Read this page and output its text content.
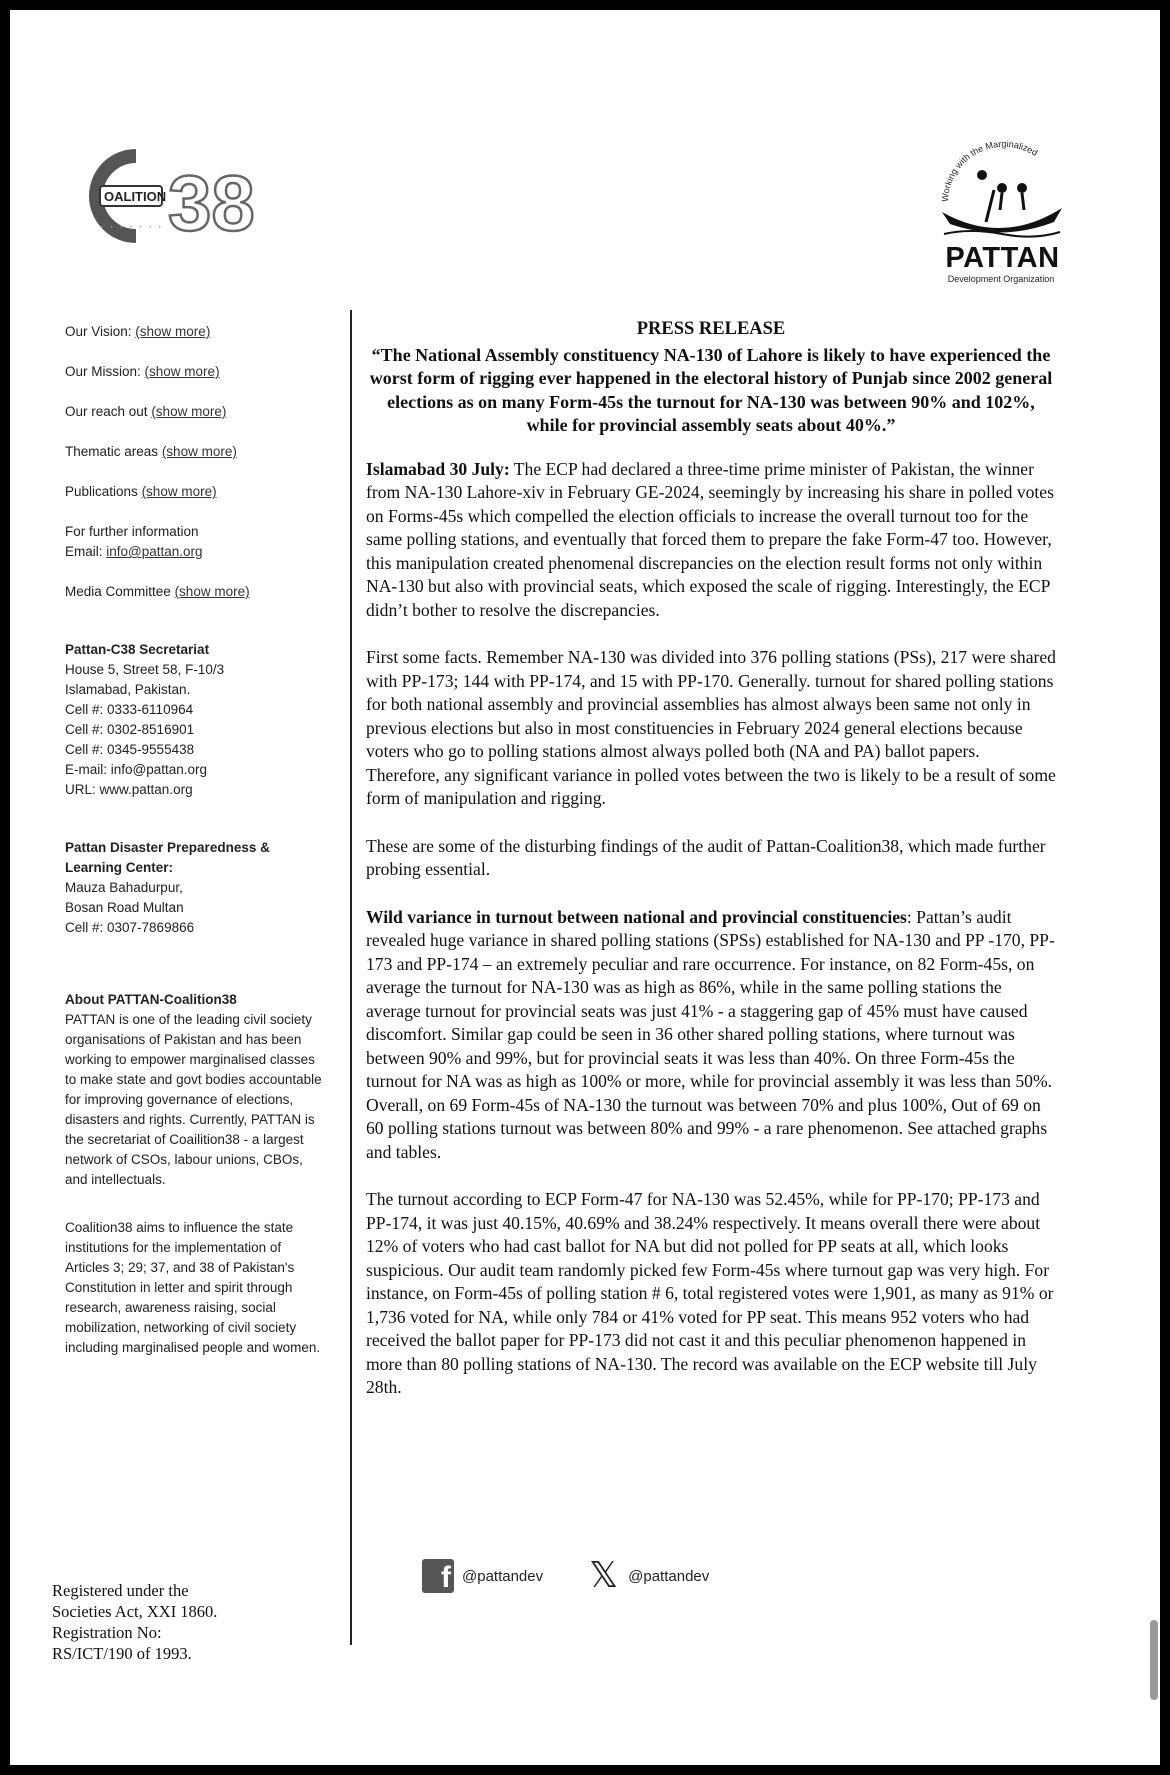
OALITION 38
· · · · · · ·
Working with the Marginalized
PATTAN
Development Organization
Our Vision: (show more)
Our Mission: (show more)
Our reach out (show more)
Thematic areas (show more)
Publications (show more)
For further information
Email: info@pattan.org
Media Committee (show more)
Pattan-C38 Secretariat
House 5, Street 58, F-10/3
Islamabad, Pakistan.
Cell #: 0333-6110964
Cell #: 0302-8516901
Cell #: 0345-9555438
E-mail: info@pattan.org
URL: www.pattan.org
Pattan Disaster Preparedness & Learning Center:
Mauza Bahadurpur,
Bosan Road Multan
Cell #: 0307-7869866
About PATTAN-Coalition38
PATTAN is one of the leading civil society organisations of Pakistan and has been working to empower marginalised classes to make state and govt bodies accountable for improving governance of elections, disasters and rights. Currently, PATTAN is the secretariat of Coailition38 - a largest network of CSOs, labour unions, CBOs, and intellectuals.
Coalition38 aims to influence the state institutions for the implementation of Articles 3; 29; 37, and 38 of Pakistan's Constitution in letter and spirit through research, awareness raising, social mobilization, networking of civil society including marginalised people and women.
Registered under the
Societies Act, XXI 1860.
Registration No:
RS/ICT/190 of 1993.
PRESS RELEASE
“The National Assembly constituency NA-130 of Lahore is likely to have experienced the worst form of rigging ever happened in the electoral history of Punjab since 2002 general elections as on many Form-45s the turnout for NA-130 was between 90% and 102%, while for provincial assembly seats about 40%.”

Islamabad 30 July: The ECP had declared a three-time prime minister of Pakistan, the winner from NA-130 Lahore-xiv in February GE-2024, seemingly by increasing his share in polled votes on Forms-45s which compelled the election officials to increase the overall turnout too for the same polling stations, and eventually that forced them to prepare the fake Form-47 too. However, this manipulation created phenomenal discrepancies on the election result forms not only within NA-130 but also with provincial seats, which exposed the scale of rigging. Interestingly, the ECP didn’t bother to resolve the discrepancies.

First some facts. Remember NA-130 was divided into 376 polling stations (PSs), 217 were shared with PP-173; 144 with PP-174, and 15 with PP-170. Generally. turnout for shared polling stations for both national assembly and provincial assemblies has almost always been same not only in previous elections but also in most constituencies in February 2024 general elections because voters who go to polling stations almost always polled both (NA and PA) ballot papers. Therefore, any significant variance in polled votes between the two is likely to be a result of some form of manipulation and rigging.

These are some of the disturbing findings of the audit of Pattan-Coalition38, which made further probing essential.

Wild variance in turnout between national and provincial constituencies: Pattan’s audit revealed huge variance in shared polling stations (SPSs) established for NA-130 and PP -170, PP-173 and PP-174 – an extremely peculiar and rare occurrence. For instance, on 82 Form-45s, on average the turnout for NA-130 was as high as 86%, while in the same polling stations the average turnout for provincial seats was just 41% - a staggering gap of 45% must have caused discomfort. Similar gap could be seen in 36 other shared polling stations, where turnout was between 90% and 99%, but for provincial seats it was less than 40%. On three Form-45s the turnout for NA was as high as 100% or more, while for provincial assembly it was less than 50%. Overall, on 69 Form-45s of NA-130 the turnout was between 70% and plus 100%, Out of 69 on 60 polling stations turnout was between 80% and 99% - a rare phenomenon. See attached graphs and tables.

The turnout according to ECP Form-47 for NA-130 was 52.45%, while for PP-170; PP-173 and PP-174, it was just 40.15%, 40.69% and 38.24% respectively. It means overall there were about 12% of voters who had cast ballot for NA but did not polled for PP seats at all, which looks suspicious. Our audit team randomly picked few Form-45s where turnout gap was very high. For instance, on Form-45s of polling station # 6, total registered votes were 1,901, as many as 91% or 1,736 voted for NA, while only 784 or 41% voted for PP seat. This means 952 voters who had received the ballot paper for PP-173 did not cast it and this peculiar phenomenon happened in more than 80 polling stations of NA-130. The record was available on the ECP website till July 28th.

f @pattandev 𝕏 @pattandev
